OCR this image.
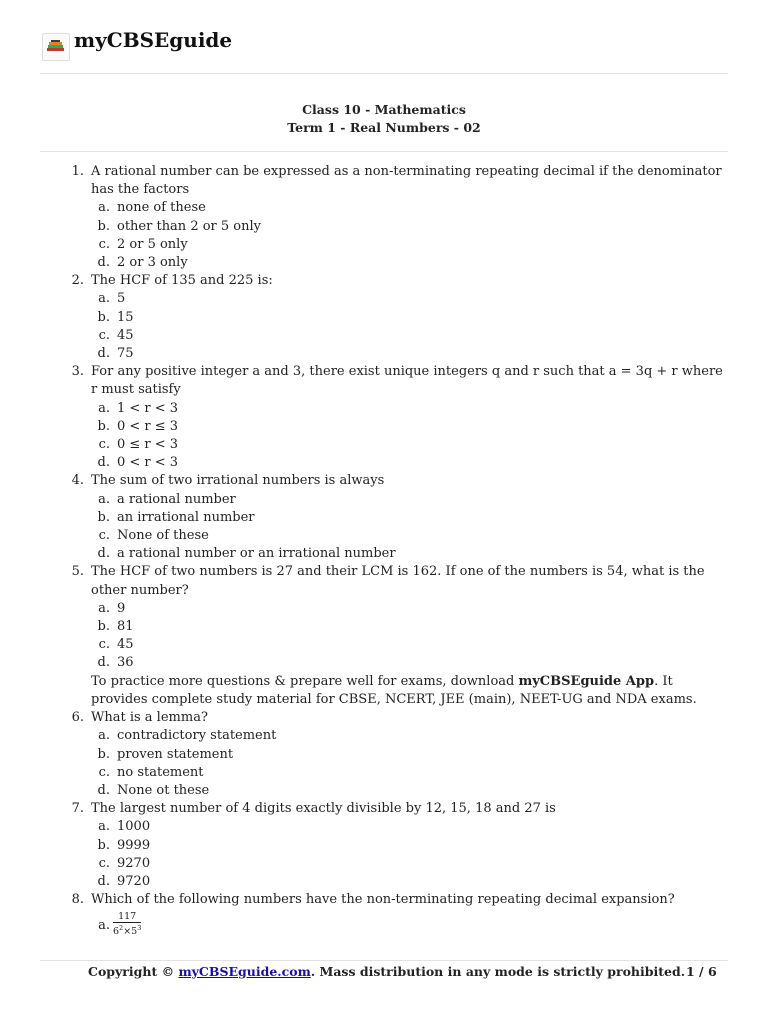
myCBSEguide
Class 10 - Mathematics
Term 1 - Real Numbers - 02
1. A rational number can be expressed as a non-terminating repeating decimal if the denominator has the factors
a. none of these
b. other than 2 or 5 only
c. 2 or 5 only
d. 2 or 3 only
2. The HCF of 135 and 225 is:
a. 5
b. 15
c. 45
d. 75
3. For any positive integer a and 3, there exist unique integers q and r such that a = 3q + r where r must satisfy
a. 1 < r < 3
b. 0 < r ≤ 3
c. 0 ≤ r < 3
d. 0 < r < 3
4. The sum of two irrational numbers is always
a. a rational number
b. an irrational number
c. None of these
d. a rational number or an irrational number
5. The HCF of two numbers is 27 and their LCM is 162. If one of the numbers is 54, what is the other number?
a. 9
b. 81
c. 45
d. 36
To practice more questions & prepare well for exams, download myCBSEguide App. It provides complete study material for CBSE, NCERT, JEE (main), NEET-UG and NDA exams.
6. What is a lemma?
a. contradictory statement
b. proven statement
c. no statement
d. None ot these
7. The largest number of 4 digits exactly divisible by 12, 15, 18 and 27 is
a. 1000
b. 9999
c. 9270
d. 9720
8. Which of the following numbers have the non-terminating repeating decimal expansion?
a. $\frac{117}{6^2\times 5^3}$
Copyright © myCBSEguide.com. Mass distribution in any mode is strictly prohibited. 1 / 6
